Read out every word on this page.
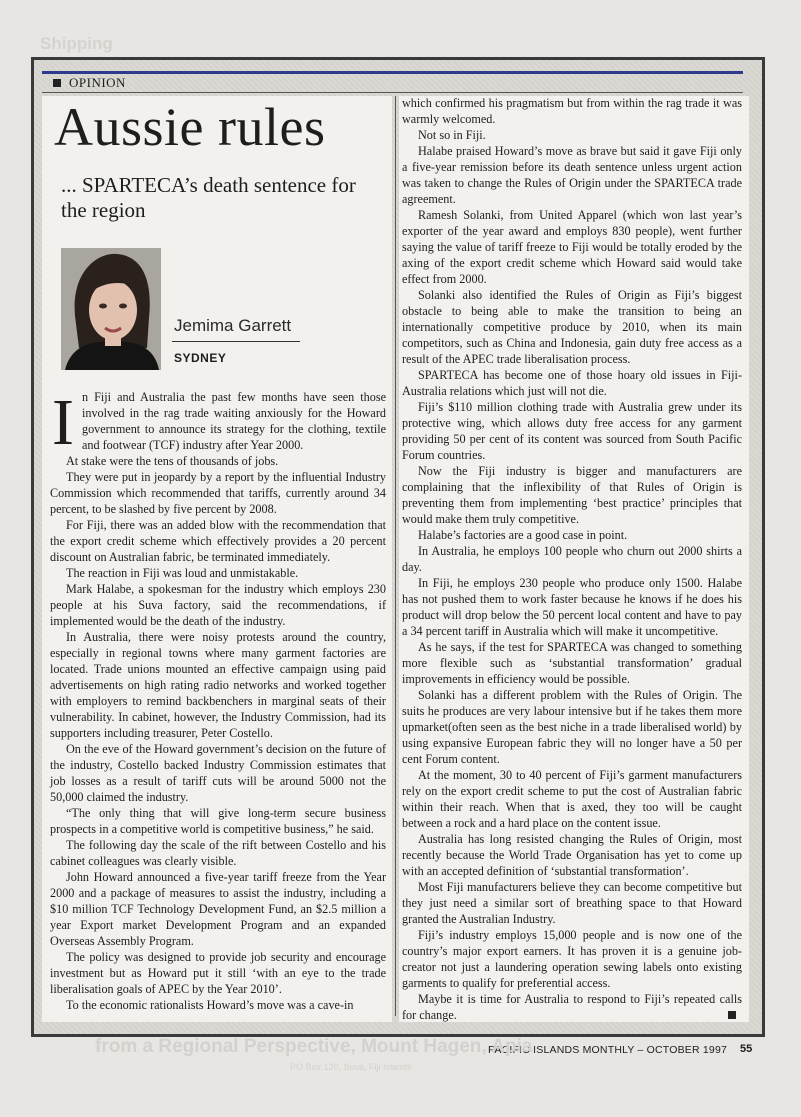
Shipping
OPINION
Aussie rules
... SPARTECA’s death sentence for the region
Jemima Garrett
SYDNEY

In Fiji and Australia the past few months have seen those involved in the rag trade waiting anxiously for the Howard government to announce its strategy for the clothing, textile and footwear (TCF) industry after Year 2000.

At stake were the tens of thousands of jobs.

They were put in jeopardy by a report by the influential Industry Commission which recommended that tariffs, currently around 34 percent, to be slashed by five percent by 2008.

For Fiji, there was an added blow with the recommendation that the export credit scheme which effectively provides a 20 percent discount on Australian fabric, be terminated immediately.

The reaction in Fiji was loud and unmistakable.

Mark Halabe, a spokesman for the industry which employs 230 people at his Suva factory, said the recommendations, if implemented would be the death of the industry.

In Australia, there were noisy protests around the country, especially in regional towns where many garment factories are located. Trade unions mounted an effective campaign using paid advertisements on high rating radio networks and worked together with employers to remind backbenchers in marginal seats of their vulnerability. In cabinet, however, the Industry Commission, had its supporters including treasurer, Peter Costello.

On the eve of the Howard government’s decision on the future of the industry, Costello backed Industry Commission estimates that job losses as a result of tariff cuts will be around 5000 not the 50,000 claimed the industry.

“The only thing that will give long-term secure business prospects in a competitive world is competitive business,” he said.

The following day the scale of the rift between Costello and his cabinet colleagues was clearly visible.

John Howard announced a five-year tariff freeze from the Year 2000 and a package of measures to assist the industry, including a $10 million TCF Technology Development Fund, an $2.5 million a year Export market Development Program and an expanded Overseas Assembly Program.

The policy was designed to provide job security and encourage investment but as Howard put it still ‘with an eye to the trade liberalisation goals of APEC by the Year 2010’.

To the economic rationalists Howard’s move was a cave-in

which confirmed his pragmatism but from within the rag trade it was warmly welcomed.

Not so in Fiji.

Halabe praised Howard’s move as brave but said it gave Fiji only a five-year remission before its death sentence unless urgent action was taken to change the Rules of Origin under the SPARTECA trade agreement.

Ramesh Solanki, from United Apparel (which won last year’s exporter of the year award and employs 830 people), went further saying the value of tariff freeze to Fiji would be totally eroded by the axing of the export credit scheme which Howard said would take effect from 2000.

Solanki also identified the Rules of Origin as Fiji’s biggest obstacle to being able to make the transition to being an internationally competitive produce by 2010, when its main competitors, such as China and Indonesia, gain duty free access as a result of the APEC trade liberalisation process.

SPARTECA has become one of those hoary old issues in Fiji-Australia relations which just will not die.

Fiji’s $110 million clothing trade with Australia grew under its protective wing, which allows duty free access for any garment providing 50 per cent of its content was sourced from South Pacific Forum countries.

Now the Fiji industry is bigger and manufacturers are complaining that the inflexibility of that Rules of Origin is preventing them from implementing ‘best practice’ principles that would make them truly competitive.

Halabe’s factories are a good case in point.

In Australia, he employs 100 people who churn out 2000 shirts a day.

In Fiji, he employs 230 people who produce only 1500. Halabe has not pushed them to work faster because he knows if he does his product will drop below the 50 percent local content and have to pay a 34 percent tariff in Australia which will make it uncompetitive.

As he says, if the test for SPARTECA was changed to something more flexible such as ‘substantial transformation’ gradual improvements in efficiency would be possible.

Solanki has a different problem with the Rules of Origin. The suits he produces are very labour intensive but if he takes them more upmarket(often seen as the best niche in a trade liberalised world) by using expansive European fabric they will no longer have a 50 per cent Forum content.

At the moment, 30 to 40 percent of Fiji’s garment manufacturers rely on the export credit scheme to put the cost of Australian fabric within their reach. When that is axed, they too will be caught between a rock and a hard place on the content issue.

Australia has long resisted changing the Rules of Origin, most recently because the World Trade Organisation has yet to come up with an accepted definition of ‘substantial transformation’.

Most Fiji manufacturers believe they can become competitive but they just need a similar sort of breathing space to that Howard granted the Australian Industry.

Fiji’s industry employs 15,000 people and is now one of the country’s major export earners. It has proven it is a genuine job-creator not just a laundering operation sewing labels onto existing garments to qualify for preferential access.

Maybe it is time for Australia to respond to Fiji’s repeated calls for change.

PACIFIC ISLANDS MONTHLY – OCTOBER 1997 55
from a Regional Perspective, Mount Hagen, Apia
PO Box 120, Suva, Fiji Islands
